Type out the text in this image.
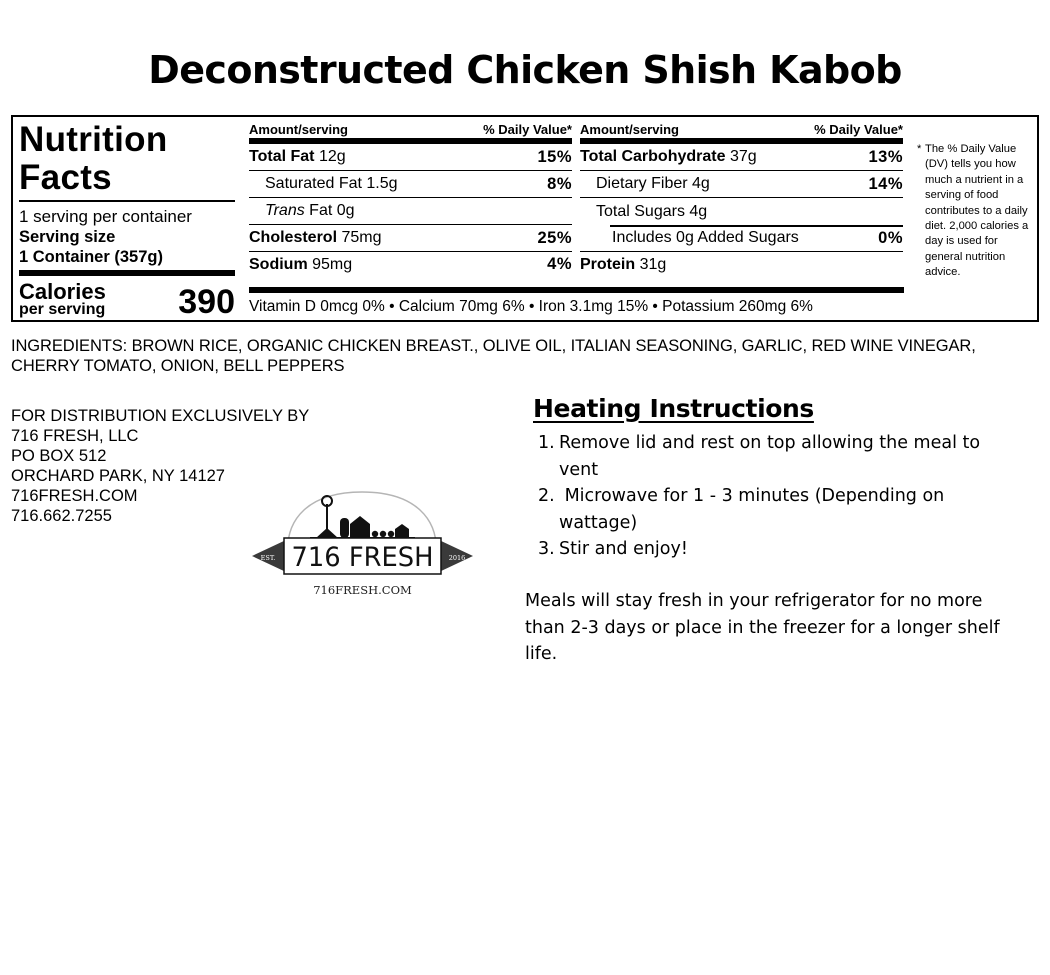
Deconstructed Chicken Shish Kabob
Nutrition
Facts
1 serving per container
Serving size
1 Container (357g)
Calories
per serving 390
Amount/serving	% Daily Value*
Total Fat 12g	15%
Saturated Fat 1.5g	8%
Trans Fat 0g
Cholesterol 75mg	25%
Sodium 95mg	4%
Amount/serving	% Daily Value*
Total Carbohydrate 37g	13%
Dietary Fiber 4g	14%
Total Sugars 4g
Includes 0g Added Sugars	0%
Protein 31g
Vitamin D 0mcg 0% • Calcium 70mg 6% • Iron 3.1mg 15% • Potassium 260mg 6%
* The % Daily Value (DV) tells you how much a nutrient in a serving of food contributes to a daily diet. 2,000 calories a day is used for general nutrition advice.
INGREDIENTS: BROWN RICE, ORGANIC CHICKEN BREAST., OLIVE OIL, ITALIAN SEASONING, GARLIC, RED WINE VINEGAR, CHERRY TOMATO, ONION, BELL PEPPERS
FOR DISTRIBUTION EXCLUSIVELY BY
716 FRESH, LLC
PO BOX 512
ORCHARD PARK, NY 14127
716FRESH.COM
716.662.7255
EST.	2016
716 FRESH
716FRESH.COM
Heating Instructions
1. Remove lid and rest on top allowing the meal to vent
2. Microwave for 1 - 3 minutes (Depending on wattage)
3. Stir and enjoy!
Meals will stay fresh in your refrigerator for no more than 2-3 days or place in the freezer for a longer shelf life.
